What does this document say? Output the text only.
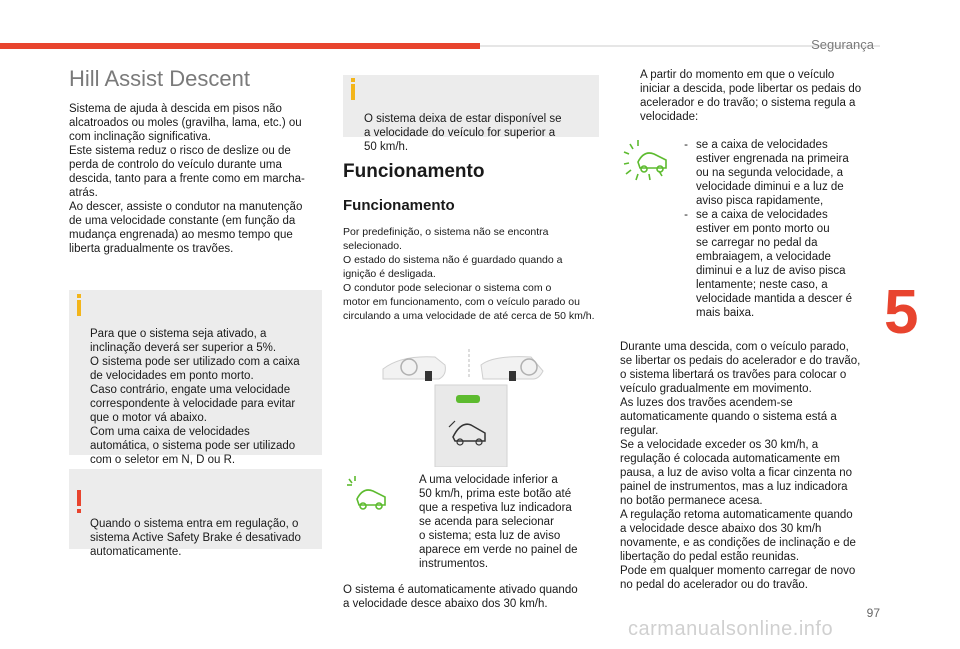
Segurança
5
97
Hill Assist Descent

Sistema de ajuda à descida em pisos não
alcatroados ou moles (gravilha, lama, etc.) ou
com inclinação significativa.
Este sistema reduz o risco de deslize ou de
perda de controlo do veículo durante uma
descida, tanto para a frente como em marcha-
atrás.
Ao descer, assiste o condutor na manutenção
de uma velocidade constante (em função da
mudança engrenada) ao mesmo tempo que
liberta gradualmente os travões.

Para que o sistema seja ativado, a
inclinação deverá ser superior a 5%.
O sistema pode ser utilizado com a caixa
de velocidades em ponto morto.
Caso contrário, engate uma velocidade
correspondente à velocidade para evitar
que o motor vá abaixo.
Com uma caixa de velocidades
automática, o sistema pode ser utilizado
com o seletor em N, D ou R.

Quando o sistema entra em regulação, o
sistema Active Safety Brake é desativado
automaticamente.

O sistema deixa de estar disponível se
a velocidade do veículo for superior a
50 km/h.

Funcionamento
Funcionamento

Por predefinição, o sistema não se encontra
selecionado.
O estado do sistema não é guardado quando a
ignição é desligada.
O condutor pode selecionar o sistema com o
motor em funcionamento, com o veículo parado ou
circulando a uma velocidade de até cerca de 50 km/h.

A uma velocidade inferior a
50 km/h, prima este botão até
que a respetiva luz indicadora
se acenda para selecionar
o sistema; esta luz de aviso
aparece em verde no painel de
instrumentos.

O sistema é automaticamente ativado quando
a velocidade desce abaixo dos 30 km/h.

A partir do momento em que o veículo
iniciar a descida, pode libertar os pedais do
acelerador e do travão; o sistema regula a
velocidade:
- se a caixa de velocidades
estiver engrenada na primeira
ou na segunda velocidade, a
velocidade diminui e a luz de
aviso pisca rapidamente,
- se a caixa de velocidades
estiver em ponto morto ou
se carregar no pedal da
embraiagem, a velocidade
diminui e a luz de aviso pisca
lentamente; neste caso, a
velocidade mantida a descer é
mais baixa.

Durante uma descida, com o veículo parado,
se libertar os pedais do acelerador e do travão,
o sistema libertará os travões para colocar o
veículo gradualmente em movimento.
As luzes dos travões acendem-se
automaticamente quando o sistema está a
regular.
Se a velocidade exceder os 30 km/h, a
regulação é colocada automaticamente em
pausa, a luz de aviso volta a ficar cinzenta no
painel de instrumentos, mas a luz indicadora
no botão permanece acesa.
A regulação retoma automaticamente quando
a velocidade desce abaixo dos 30 km/h
novamente, e as condições de inclinação e de
libertação do pedal estão reunidas.
Pode em qualquer momento carregar de novo
no pedal do acelerador ou do travão.

carmanualsonline.info
